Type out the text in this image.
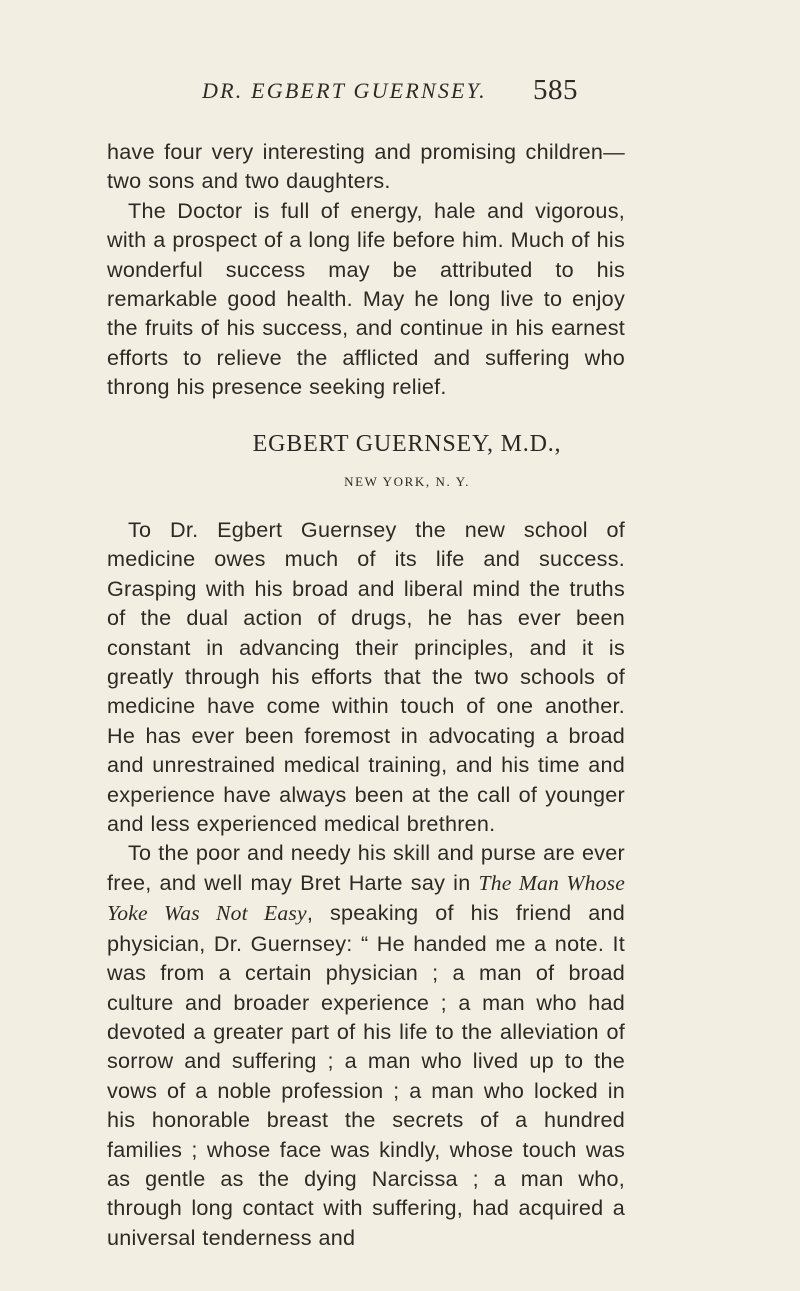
DR. EGBERT GUERNSEY. 585

have four very interesting and promising children—two sons and two daughters.

The Doctor is full of energy, hale and vigorous, with a prospect of a long life before him. Much of his wonderful success may be attributed to his remarkable good health. May he long live to enjoy the fruits of his success, and continue in his earnest efforts to relieve the afflicted and suffering who throng his presence seeking relief.

EGBERT GUERNSEY, M.D.,
NEW YORK, N. Y.

To Dr. Egbert Guernsey the new school of medicine owes much of its life and success. Grasping with his broad and liberal mind the truths of the dual action of drugs, he has ever been constant in advancing their principles, and it is greatly through his efforts that the two schools of medicine have come within touch of one another. He has ever been foremost in advocating a broad and unrestrained medical training, and his time and experience have always been at the call of younger and less experienced medical brethren.

To the poor and needy his skill and purse are ever free, and well may Bret Harte say in The Man Whose Yoke Was Not Easy, speaking of his friend and physician, Dr. Guernsey: “ He handed me a note. It was from a certain physician ; a man of broad culture and broader experience ; a man who had devoted a greater part of his life to the alleviation of sorrow and suffering ; a man who lived up to the vows of a noble profession ; a man who locked in his honorable breast the secrets of a hundred families ; whose face was kindly, whose touch was as gentle as the dying Narcissa ; a man who, through long contact with suffering, had acquired a universal tenderness and
